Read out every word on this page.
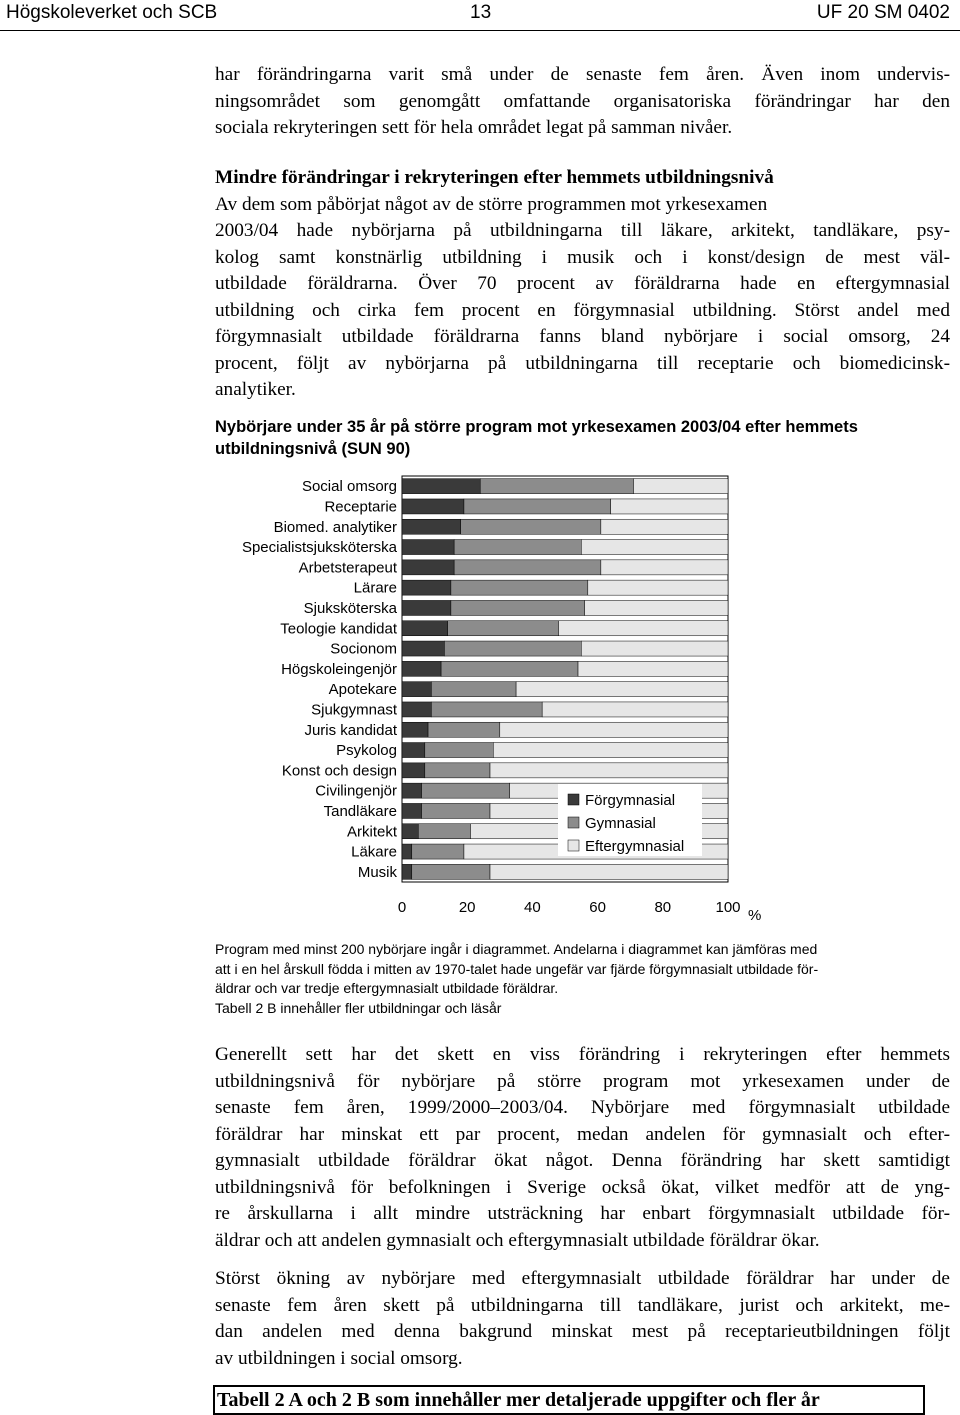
Högskoleverket och SCB	13	UF 20 SM 0402
har förändringarna varit små under de senaste fem åren. Även inom undervis-
ningsområdet som genomgått omfattande organisatoriska förändringar har den
sociala rekryteringen sett för hela området legat på samman nivåer.
Mindre förändringar i rekryteringen efter hemmets utbildningsnivå
Av dem som påbörjat något av de större programmen mot yrkesexamen
2003/04 hade nybörjarna på utbildningarna till läkare, arkitekt, tandläkare, psy-
kolog samt konstnärlig utbildning i musik och i konst/design de mest väl-
utbildade föräldrarna. Över 70 procent av föräldrarna hade en eftergymnasial
utbildning och cirka fem procent en förgymnasial utbildning. Störst andel med
förgymnasialt utbildade föräldrarna fanns bland nybörjare i social omsorg, 24
procent, följt av nybörjarna på utbildningarna till receptarie och biomedicinsk-
analytiker.
Nybörjare under 35 år på större program mot yrkesexamen 2003/04 efter hemmets
utbildningsnivå (SUN 90)
Social omsorg
Receptarie
Biomed. analytiker
Specialistsjuksköterska
Arbetsterapeut
Lärare
Sjuksköterska
Teologie kandidat
Socionom
Högskoleingenjör
Apotekare
Sjukgymnast
Juris kandidat
Psykolog
Konst och design
Civilingenjör
Tandläkare
Arkitekt
Läkare
Musik
0	20	40	60	80	100 %
Förgymnasial
Gymnasial
Eftergymnasial
Program med minst 200 nybörjare ingår i diagrammet. Andelarna i diagrammet kan jämföras med
att i en hel årskull födda i mitten av 1970-talet hade ungefär var fjärde förgymnasialt utbildade för-
äldrar och var tredje eftergymnasialt utbildade föräldrar.
Tabell 2 B innehåller fler utbildningar och läsår
Generellt sett har det skett en viss förändring i rekryteringen efter hemmets
utbildningsnivå för nybörjare på större program mot yrkesexamen under de
senaste fem åren, 1999/2000–2003/04. Nybörjare med förgymnasialt utbildade
föräldrar har minskat ett par procent, medan andelen för gymnasialt och efter-
gymnasialt utbildade föräldrar ökat något. Denna förändring har skett samtidigt
utbildningsnivå för befolkningen i Sverige också ökat, vilket medför att de yng-
re årskullarna i allt mindre utsträckning har enbart förgymnasialt utbildade för-
äldrar och att andelen gymnasialt och eftergymnasialt utbildade föräldrar ökar.
Störst ökning av nybörjare med eftergymnasialt utbildade föräldrar har under de
senaste fem åren skett på utbildningarna till tandläkare, jurist och arkitekt, me-
dan andelen med denna bakgrund minskat mest på receptarieutbildningen följt
av utbildningen i social omsorg.
Tabell 2 A och 2 B som innehåller mer detaljerade uppgifter och fler år
